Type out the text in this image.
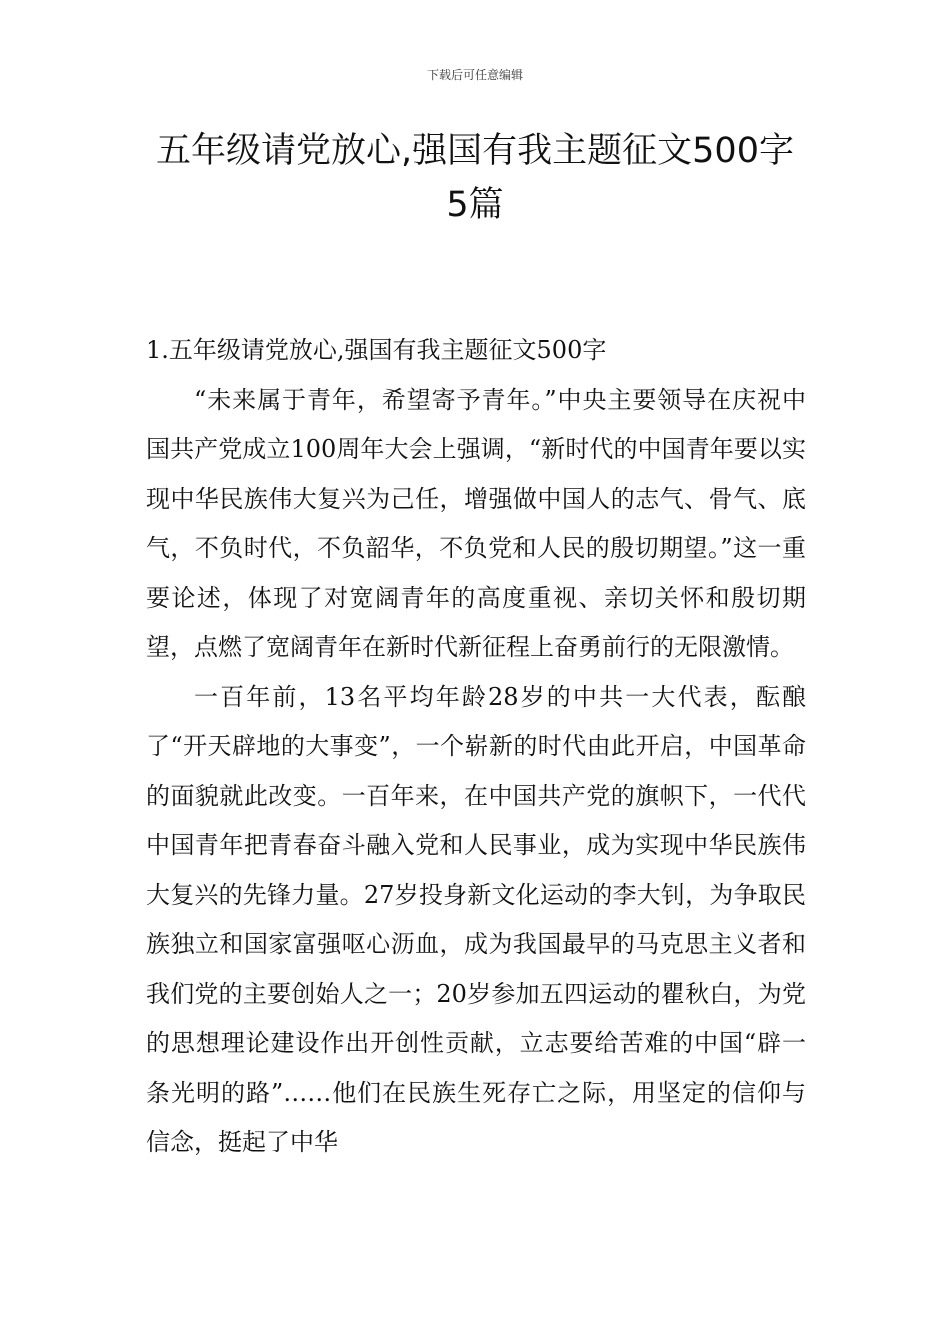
下载后可任意编辑
五年级请党放心,强国有我主题征文500字
5篇

1.五年级请党放心,强国有我主题征文500字

“未来属于青年，希望寄予青年。”中央主要领导在庆祝中国共产党成立100周年大会上强调，“新时代的中国青年要以实现中华民族伟大复兴为己任，增强做中国人的志气、骨气、底气，不负时代，不负韶华，不负党和人民的殷切期望。”这一重要论述，体现了对宽阔青年的高度重视、亲切关怀和殷切期望，点燃了宽阔青年在新时代新征程上奋勇前行的无限激情。

一百年前，13名平均年龄28岁的中共一大代表，酝酿了“开天辟地的大事变”，一个崭新的时代由此开启，中国革命的面貌就此改变。一百年来，在中国共产党的旗帜下，一代代中国青年把青春奋斗融入党和人民事业，成为实现中华民族伟大复兴的先锋力量。27岁投身新文化运动的李大钊，为争取民族独立和国家富强呕心沥血，成为我国最早的马克思主义者和我们党的主要创始人之一；20岁参加五四运动的瞿秋白，为党的思想理论建设作出开创性贡献，立志要给苦难的中国“辟一条光明的路”……他们在民族生死存亡之际，用坚定的信仰与信念，挺起了中华
